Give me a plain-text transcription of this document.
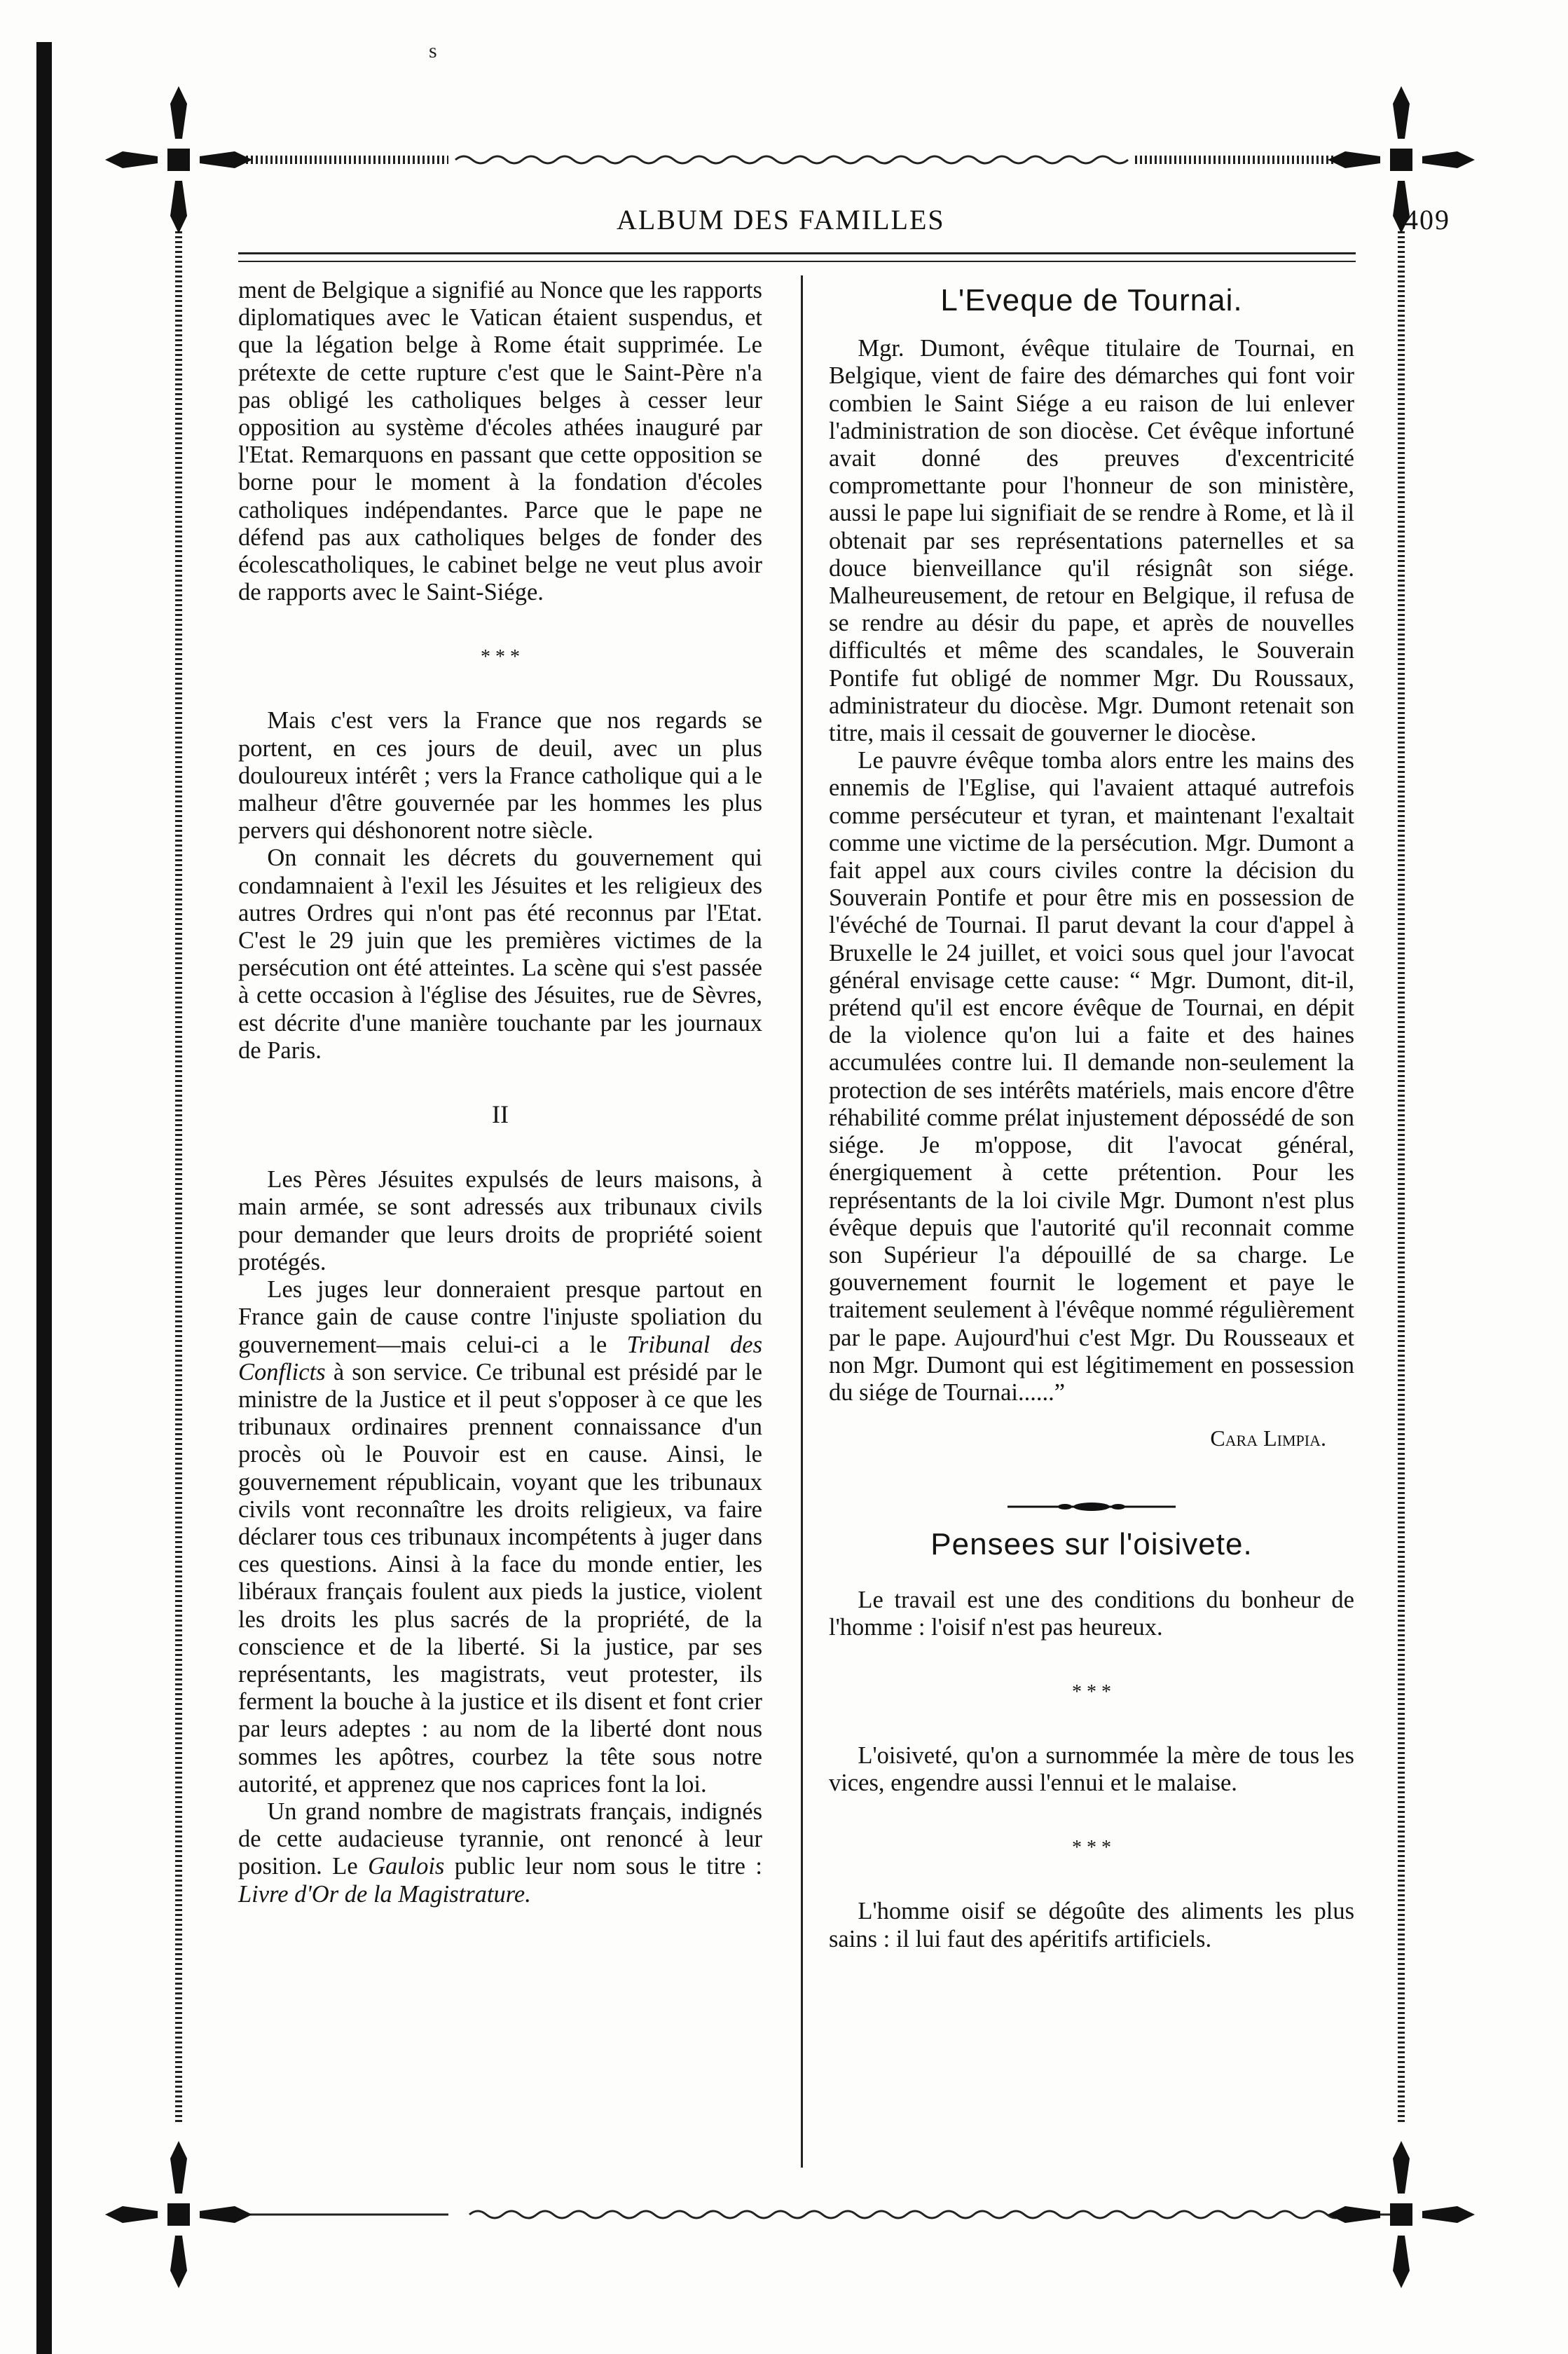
s
ALBUM DES FAMILLES	409

ment de Belgique a signifié au Nonce que les rapports diplomatiques avec le Vatican étaient suspendus, et que la légation belge à Rome était supprimée. Le prétexte de cette rupture c'est que le Saint-Père n'a pas obligé les catholiques belges à cesser leur opposition au système d'écoles athées inauguré par l'Etat. Remarquons en passant que cette opposition se borne pour le moment à la fondation d'écoles catholiques indépendantes. Parce que le pape ne défend pas aux catholiques belges de fonder des écolescatholiques, le cabinet belge ne veut plus avoir de rapports avec le Saint-Siége.

* * *

Mais c'est vers la France que nos regards se portent, en ces jours de deuil, avec un plus douloureux intérêt ; vers la France catholique qui a le malheur d'être gouvernée par les hommes les plus pervers qui déshonorent notre siècle.

On connait les décrets du gouvernement qui condamnaient à l'exil les Jésuites et les religieux des autres Ordres qui n'ont pas été reconnus par l'Etat. C'est le 29 juin que les premières victimes de la persécution ont été atteintes. La scène qui s'est passée à cette occasion à l'église des Jésuites, rue de Sèvres, est décrite d'une manière touchante par les journaux de Paris.

II

Les Pères Jésuites expulsés de leurs maisons, à main armée, se sont adressés aux tribunaux civils pour demander que leurs droits de propriété soient protégés.

Les juges leur donneraient presque partout en France gain de cause contre l'injuste spoliation du gouvernement—mais celui-ci a le Tribunal des Conflicts à son service. Ce tribunal est présidé par le ministre de la Justice et il peut s'opposer à ce que les tribunaux ordinaires prennent connaissance d'un procès où le Pouvoir est en cause. Ainsi, le gouvernement républicain, voyant que les tribunaux civils vont reconnaître les droits religieux, va faire déclarer tous ces tribunaux incompétents à juger dans ces questions. Ainsi à la face du monde entier, les libéraux français foulent aux pieds la justice, violent les droits les plus sacrés de la propriété, de la conscience et de la liberté. Si la justice, par ses représentants, les magistrats, veut protester, ils ferment la bouche à la justice et ils disent et font crier par leurs adeptes : au nom de la liberté dont nous sommes les apôtres, courbez la tête sous notre autorité, et apprenez que nos caprices font la loi.

Un grand nombre de magistrats français, indignés de cette audacieuse tyrannie, ont renoncé à leur position. Le Gaulois public leur nom sous le titre : Livre d'Or de la Magistrature.

L'Eveque de Tournai.

Mgr. Dumont, évêque titulaire de Tournai, en Belgique, vient de faire des démarches qui font voir combien le Saint Siége a eu raison de lui enlever l'administration de son diocèse. Cet évêque infortuné avait donné des preuves d'excentricité compromettante pour l'honneur de son ministère, aussi le pape lui signifiait de se rendre à Rome, et là il obtenait par ses représentations paternelles et sa douce bienveillance qu'il résignât son siége. Malheureusement, de retour en Belgique, il refusa de se rendre au désir du pape, et après de nouvelles difficultés et même des scandales, le Souverain Pontife fut obligé de nommer Mgr. Du Roussaux, administrateur du diocèse. Mgr. Dumont retenait son titre, mais il cessait de gouverner le diocèse.

Le pauvre évêque tomba alors entre les mains des ennemis de l'Eglise, qui l'avaient attaqué autrefois comme persécuteur et tyran, et maintenant l'exaltait comme une victime de la persécution. Mgr. Dumont a fait appel aux cours civiles contre la décision du Souverain Pontife et pour être mis en possession de l'évéché de Tournai. Il parut devant la cour d'appel à Bruxelle le 24 juillet, et voici sous quel jour l'avocat général envisage cette cause: “ Mgr. Dumont, dit-il, prétend qu'il est encore évêque de Tournai, en dépit de la violence qu'on lui a faite et des haines accumulées contre lui. Il demande non-seulement la protection de ses intérêts matériels, mais encore d'être réhabilité comme prélat injustement dépossédé de son siége. Je m'oppose, dit l'avocat général, énergiquement à cette prétention. Pour les représentants de la loi civile Mgr. Dumont n'est plus évêque depuis que l'autorité qu'il reconnait comme son Supérieur l'a dépouillé de sa charge. Le gouvernement fournit le logement et paye le traitement seulement à l'évêque nommé régulièrement par le pape. Aujourd'hui c'est Mgr. Du Rousseaux et non Mgr. Dumont qui est légitimement en possession du siége de Tournai......”

Cara Limpia.
Pensees sur l'oisivete.

Le travail est une des conditions du bonheur de l'homme : l'oisif n'est pas heureux.

* * *

L'oisiveté, qu'on a surnommée la mère de tous les vices, engendre aussi l'ennui et le malaise.

* * *

L'homme oisif se dégoûte des aliments les plus sains : il lui faut des apéritifs artificiels.
